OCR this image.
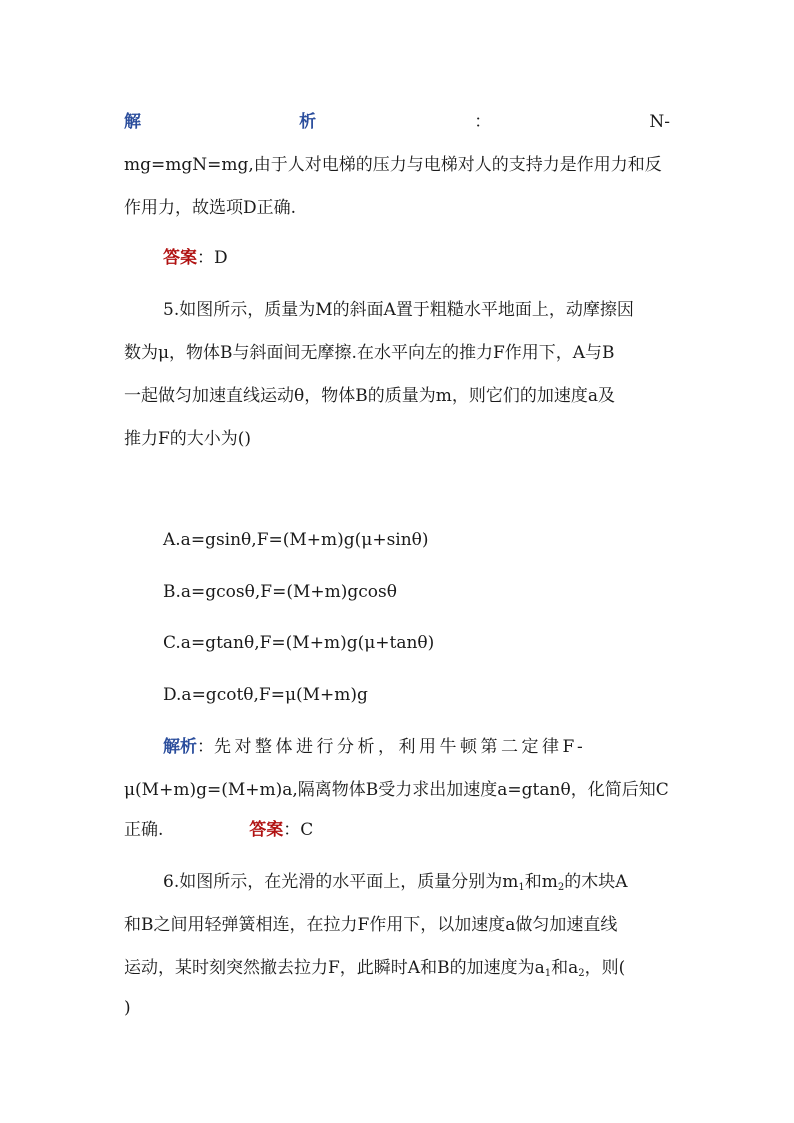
解	析	：	N-
mg=mgN=mg,由于人对电梯的压力与电梯对人的支持力是作用力和反
作用力，故选项D正确.
答案：D
5.如图所示，质量为M的斜面A置于粗糙水平地面上，动摩擦因
数为μ，物体B与斜面间无摩擦.在水平向左的推力F作用下，A与B
一起做匀加速直线运动θ，物体B的质量为m，则它们的加速度a及
推力F的大小为()
A.a=gsinθ,F=(M+m)g(μ+sinθ)
B.a=gcosθ,F=(M+m)gcosθ
C.a=gtanθ,F=(M+m)g(μ+tanθ)
D.a=gcotθ,F=μ(M+m)g
解析：先对整体进行分析，利用牛顿第二定律F-
μ(M+m)g=(M+m)a,隔离物体B受力求出加速度a=gtanθ，化简后知C
正确.	答案：C
6.如图所示，在光滑的水平面上，质量分别为$m_1$和$m_2$的木块A
和B之间用轻弹簧相连，在拉力F作用下，以加速度a做匀加速直线
运动，某时刻突然撤去拉力F，此瞬时A和B的加速度为$a_1$和$a_2$，则(
)
